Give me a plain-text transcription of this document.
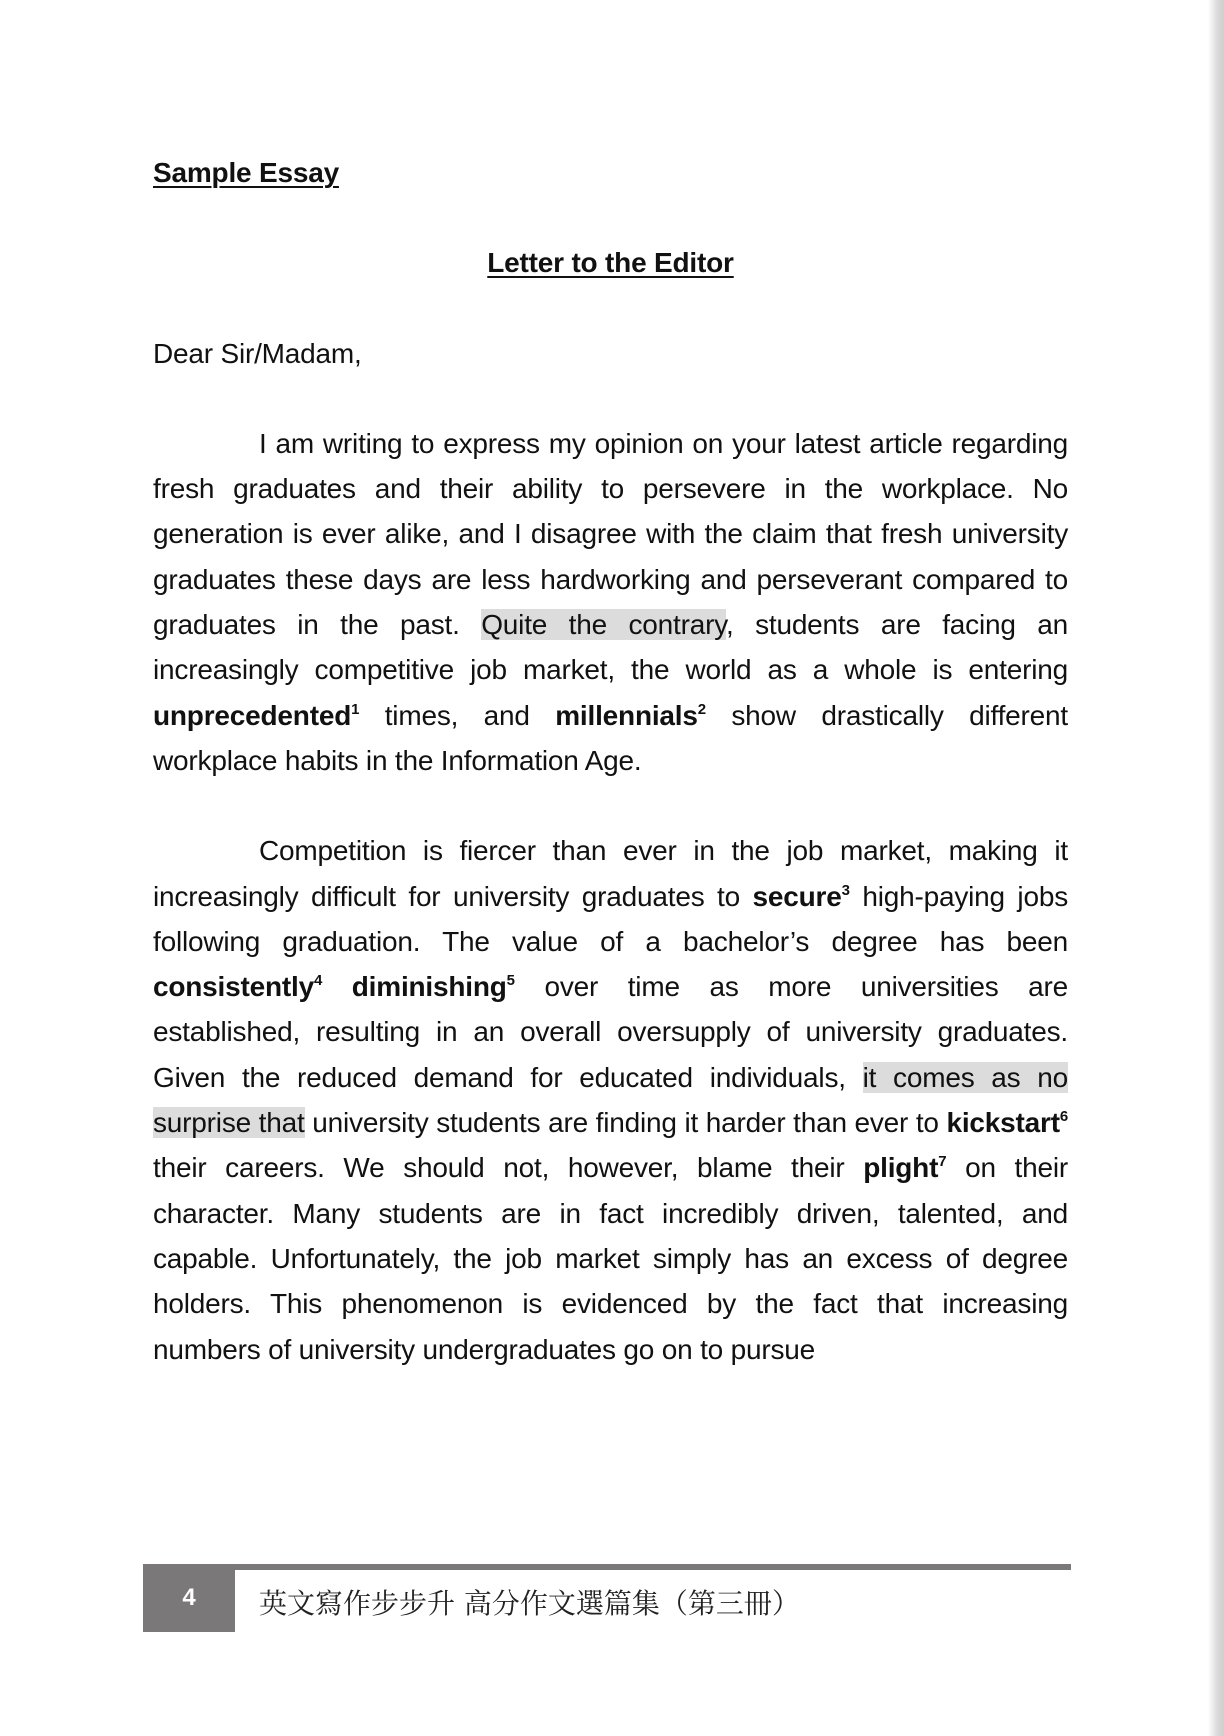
Sample Essay
Letter to the Editor
Dear Sir/Madam,

I am writing to express my opinion on your latest article regarding fresh graduates and their ability to persevere in the workplace. No generation is ever alike, and I disagree with the claim that fresh university graduates these days are less hardworking and perseverant compared to graduates in the past. Quite the contrary, students are facing an increasingly competitive job market, the world as a whole is entering unprecedented$^1$ times, and millennials$^2$ show drastically different workplace habits in the Information Age.

Competition is fiercer than ever in the job market, making it increasingly difficult for university graduates to secure$^3$ high-paying jobs following graduation. The value of a bachelor’s degree has been consistently$^4$ diminishing$^5$ over time as more universities are established, resulting in an overall oversupply of university graduates. Given the reduced demand for educated individuals, it comes as no surprise that university students are finding it harder than ever to kickstart$^6$ their careers. We should not, however, blame their plight$^7$ on their character. Many students are in fact incredibly driven, talented, and capable. Unfortunately, the job market simply has an excess of degree holders. This phenomenon is evidenced by the fact that increasing numbers of university undergraduates go on to pursue

4	英文寫作步步升 高分作文選篇集（第三冊）
